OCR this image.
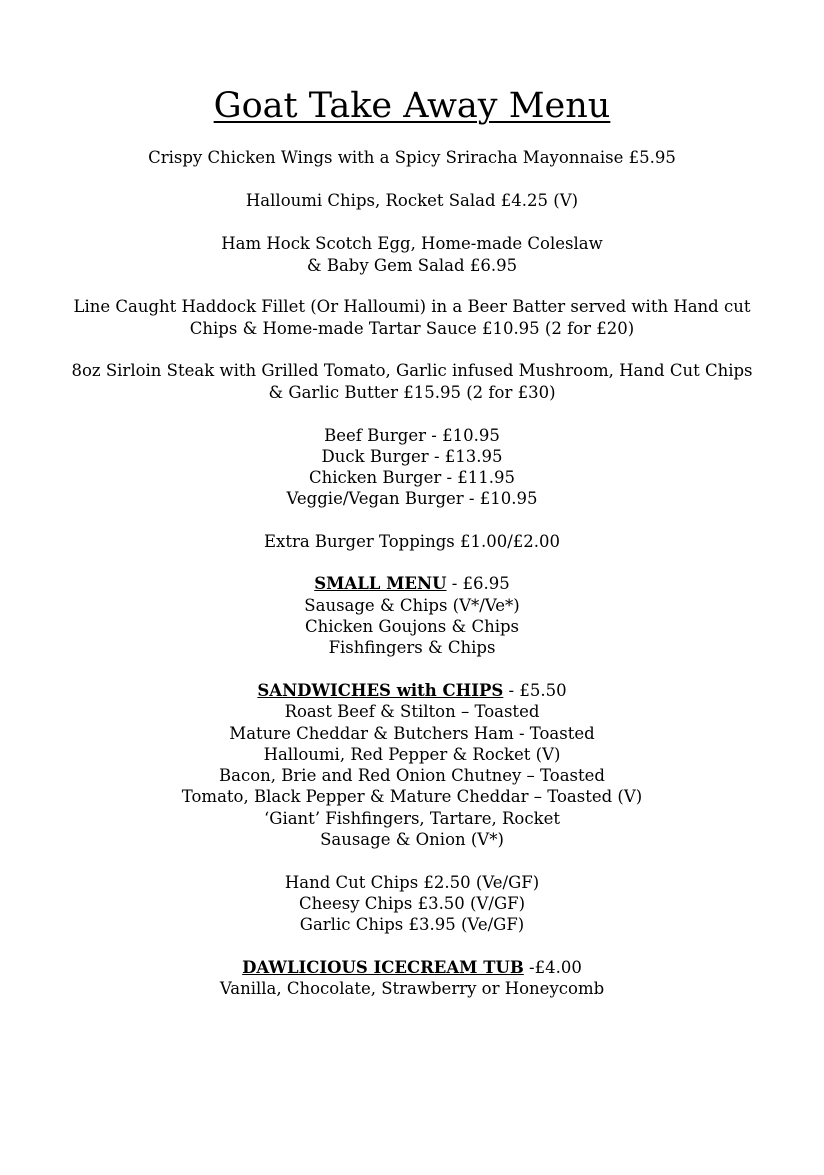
Goat Take Away Menu
Crispy Chicken Wings with a Spicy Sriracha Mayonnaise £5.95
Halloumi Chips, Rocket Salad £4.25 (V)
Ham Hock Scotch Egg, Home-made Coleslaw
& Baby Gem Salad £6.95
Line Caught Haddock Fillet (Or Halloumi) in a Beer Batter served with Hand cut
Chips & Home-made Tartar Sauce £10.95 (2 for £20)
8oz Sirloin Steak with Grilled Tomato, Garlic infused Mushroom, Hand Cut Chips
& Garlic Butter £15.95 (2 for £30)
Beef Burger - £10.95
Duck Burger - £13.95
Chicken Burger - £11.95
Veggie/Vegan Burger - £10.95
Extra Burger Toppings £1.00/£2.00
SMALL MENU - £6.95
Sausage & Chips (V*/Ve*)
Chicken Goujons & Chips
Fishfingers & Chips
SANDWICHES with CHIPS - £5.50
Roast Beef & Stilton – Toasted
Mature Cheddar & Butchers Ham - Toasted
Halloumi, Red Pepper & Rocket (V)
Bacon, Brie and Red Onion Chutney – Toasted
Tomato, Black Pepper & Mature Cheddar – Toasted (V)
‘Giant’ Fishfingers, Tartare, Rocket
Sausage & Onion (V*)
Hand Cut Chips £2.50 (Ve/GF)
Cheesy Chips £3.50 (V/GF)
Garlic Chips £3.95 (Ve/GF)
DAWLICIOUS ICECREAM TUB -£4.00
Vanilla, Chocolate, Strawberry or Honeycomb
